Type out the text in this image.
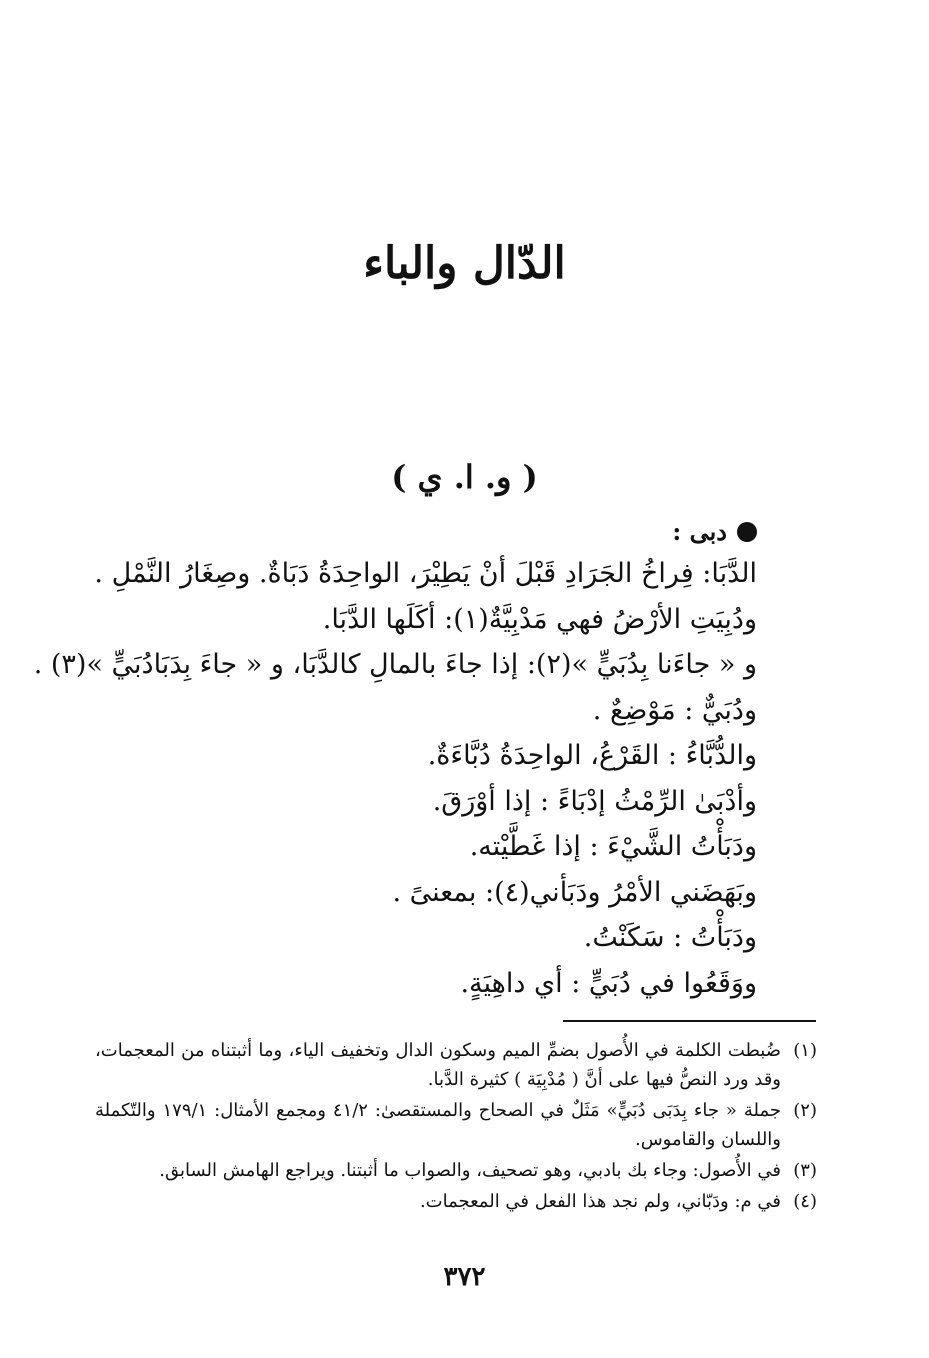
الدّال والباء
( و. ا. ي )
دبى :
الدَّبَا: فِراخُ الجَرَادِ قَبْلَ أنْ يَطِيْرَ، الواحِدَةُ دَبَاةٌ. وصِغَارُ النَّمْلِ .
ودُبِيَتِ الأرْضُ فهي مَدْبِيَّةٌ(١): أكَلَها الدَّبَا.
و « جاءَنا بِدُبَيٍّ »(٢): إذا جاءَ بالمالِ كالدَّبَا، و « جاءَ بِدَبَادُبَيٍّ »(٣) .
ودُبَيٌّ : مَوْضِعٌ .
والدُّبَّاءُ : القَرْعُ، الواحِدَةُ دُبَّاءَةٌ.
وأدْبَىٰ الرِّمْثُ إدْبَاءً : إذا أوْرَقَ.
ودَبَأْتُ الشَّيْءَ : إذا غَطَّيْته.
وبَهَضَني الأمْرُ ودَبَأني(٤): بمعنىً .
ودَبَأْتُ : سَكَنْتُ.
ووَقَعُوا في دُبَيٍّ : أي داهِيَةٍ.
(١)
ضُبطت الكلمة في الأُصول بضمِّ الميم وسكون الدال وتخفيف الياء، وما أثبتناه من المعجمات، وقد ورد النصُّ فيها على أنَّ ( مُدْبِيَة ) كثيرة الدَّبا.
(٢)
جملة « جاء بِدَبَى دُبَيٍّ» مَثَلٌ في الصحاح والمستقصىٰ: ٤١/٢ ومجمع الأمثال: ١٧٩/١ والتّكملة واللسان والقاموس.
(٣)
في الأُصول: وجاء بك بادبي، وهو تصحيف، والصواب ما أثبتنا. ويراجع الهامش السابق.
(٤)
في م: ودَبّاني، ولم نجد هذا الفعل في المعجمات.
٣٧٢
